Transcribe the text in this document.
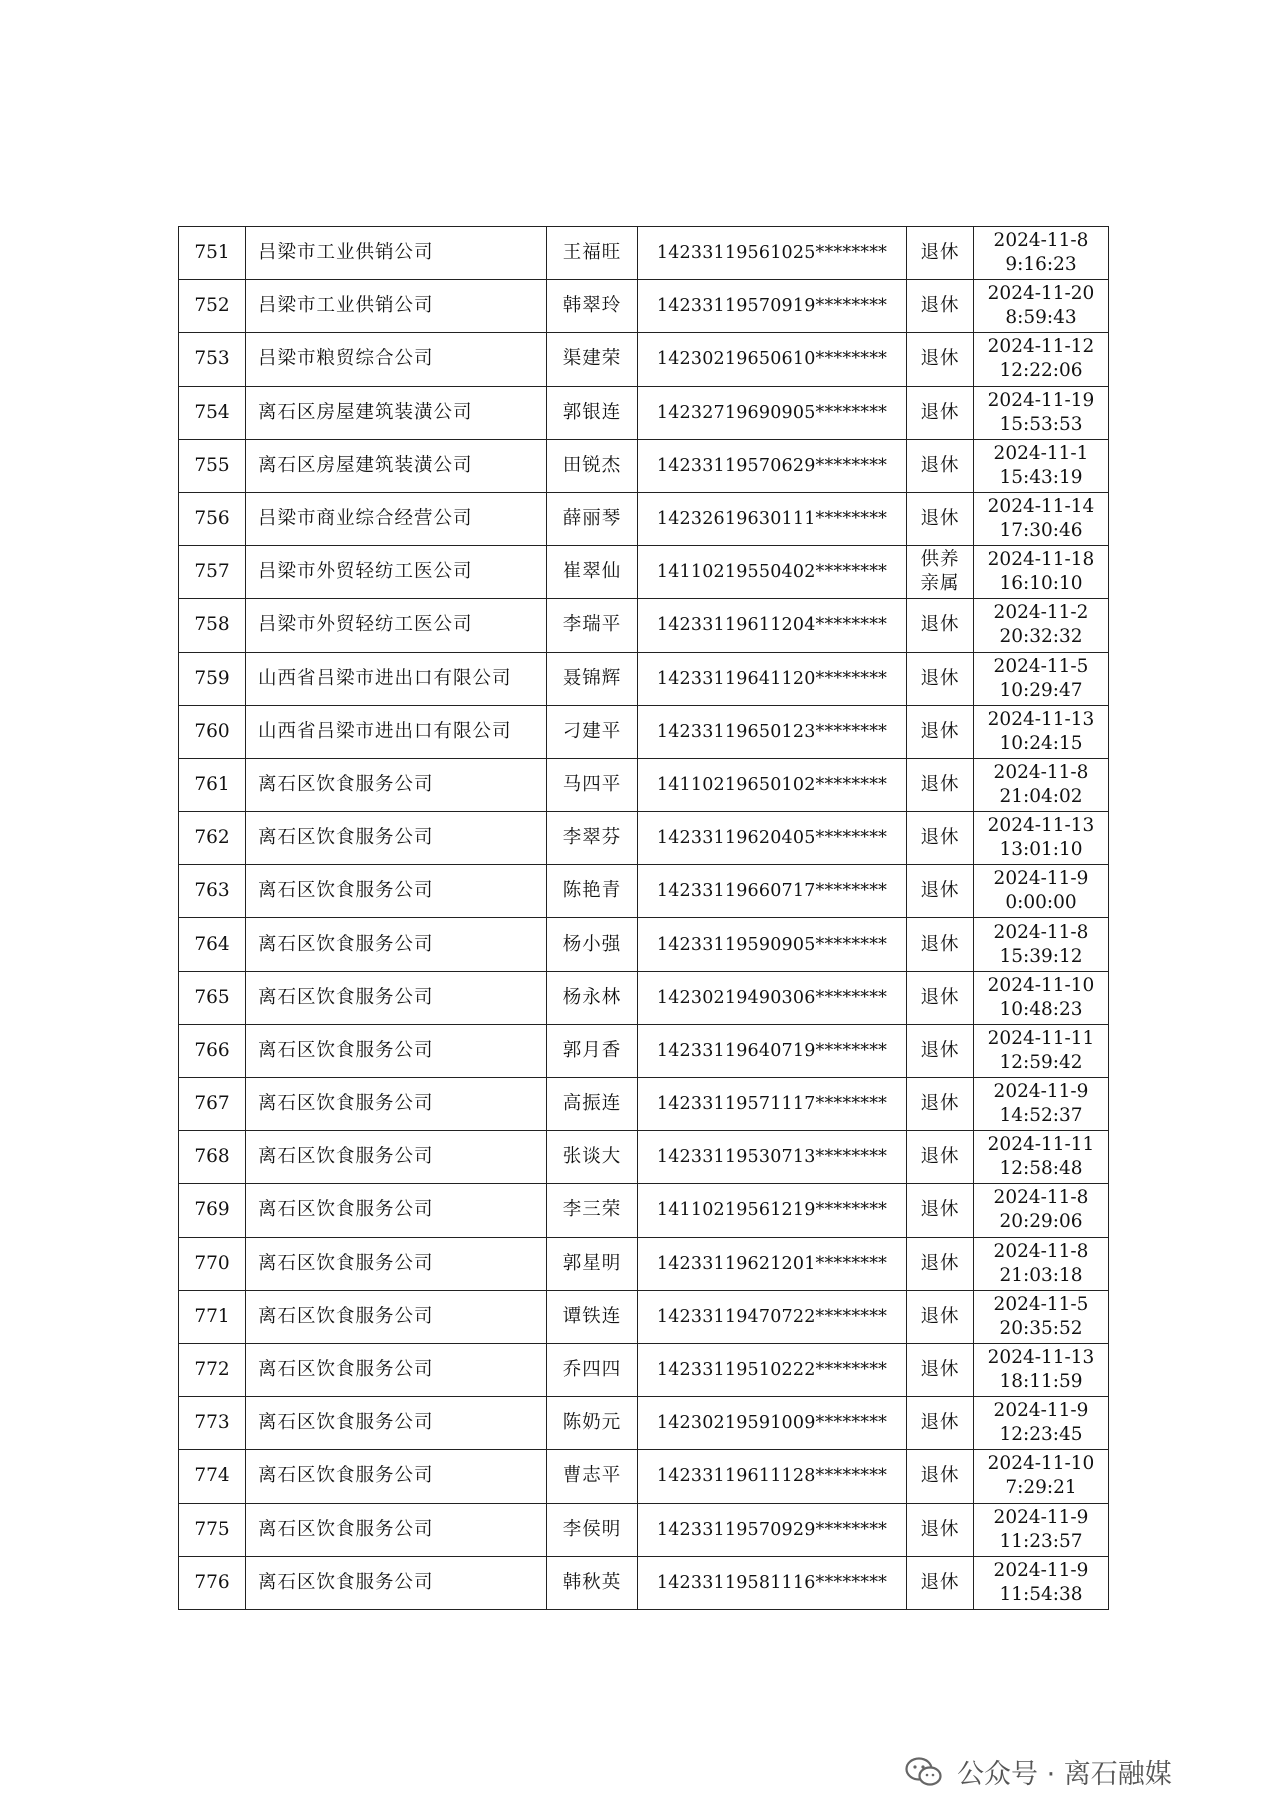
751	吕梁市工业供销公司	王福旺	14233119561025********	退休	2024-11-8
9:16:23

752	吕梁市工业供销公司	韩翠玲	14233119570919********	退休	2024-11-20
8:59:43

753	吕梁市粮贸综合公司	渠建荣	14230219650610********	退休	2024-11-12
12:22:06

754	离石区房屋建筑装潢公司	郭银连	14232719690905********	退休	2024-11-19
15:53:53

755	离石区房屋建筑装潢公司	田锐杰	14233119570629********	退休	2024-11-1
15:43:19

756	吕梁市商业综合经营公司	薛丽琴	14232619630111********	退休	2024-11-14
17:30:46

757	吕梁市外贸轻纺工医公司	崔翠仙	14110219550402********	供养亲属	2024-11-18
16:10:10

758	吕梁市外贸轻纺工医公司	李瑞平	14233119611204********	退休	2024-11-2
20:32:32

759	山西省吕梁市进出口有限公司	聂锦辉	14233119641120********	退休	2024-11-5
10:29:47

760	山西省吕梁市进出口有限公司	刁建平	14233119650123********	退休	2024-11-13
10:24:15

761	离石区饮食服务公司	马四平	14110219650102********	退休	2024-11-8
21:04:02

762	离石区饮食服务公司	李翠芬	14233119620405********	退休	2024-11-13
13:01:10

763	离石区饮食服务公司	陈艳青	14233119660717********	退休	2024-11-9
0:00:00

764	离石区饮食服务公司	杨小强	14233119590905********	退休	2024-11-8
15:39:12

765	离石区饮食服务公司	杨永林	14230219490306********	退休	2024-11-10
10:48:23

766	离石区饮食服务公司	郭月香	14233119640719********	退休	2024-11-11
12:59:42

767	离石区饮食服务公司	高振连	14233119571117********	退休	2024-11-9
14:52:37

768	离石区饮食服务公司	张谈大	14233119530713********	退休	2024-11-11
12:58:48

769	离石区饮食服务公司	李三荣	14110219561219********	退休	2024-11-8
20:29:06

770	离石区饮食服务公司	郭星明	14233119621201********	退休	2024-11-8
21:03:18

771	离石区饮食服务公司	谭铁连	14233119470722********	退休	2024-11-5
20:35:52

772	离石区饮食服务公司	乔四四	14233119510222********	退休	2024-11-13
18:11:59

773	离石区饮食服务公司	陈奶元	14230219591009********	退休	2024-11-9
12:23:45

774	离石区饮食服务公司	曹志平	14233119611128********	退休	2024-11-10
7:29:21

775	离石区饮食服务公司	李侯明	14233119570929********	退休	2024-11-9
11:23:57

776	离石区饮食服务公司	韩秋英	14233119581116********	退休	2024-11-9
11:54:38
公众号 · 离石融媒
